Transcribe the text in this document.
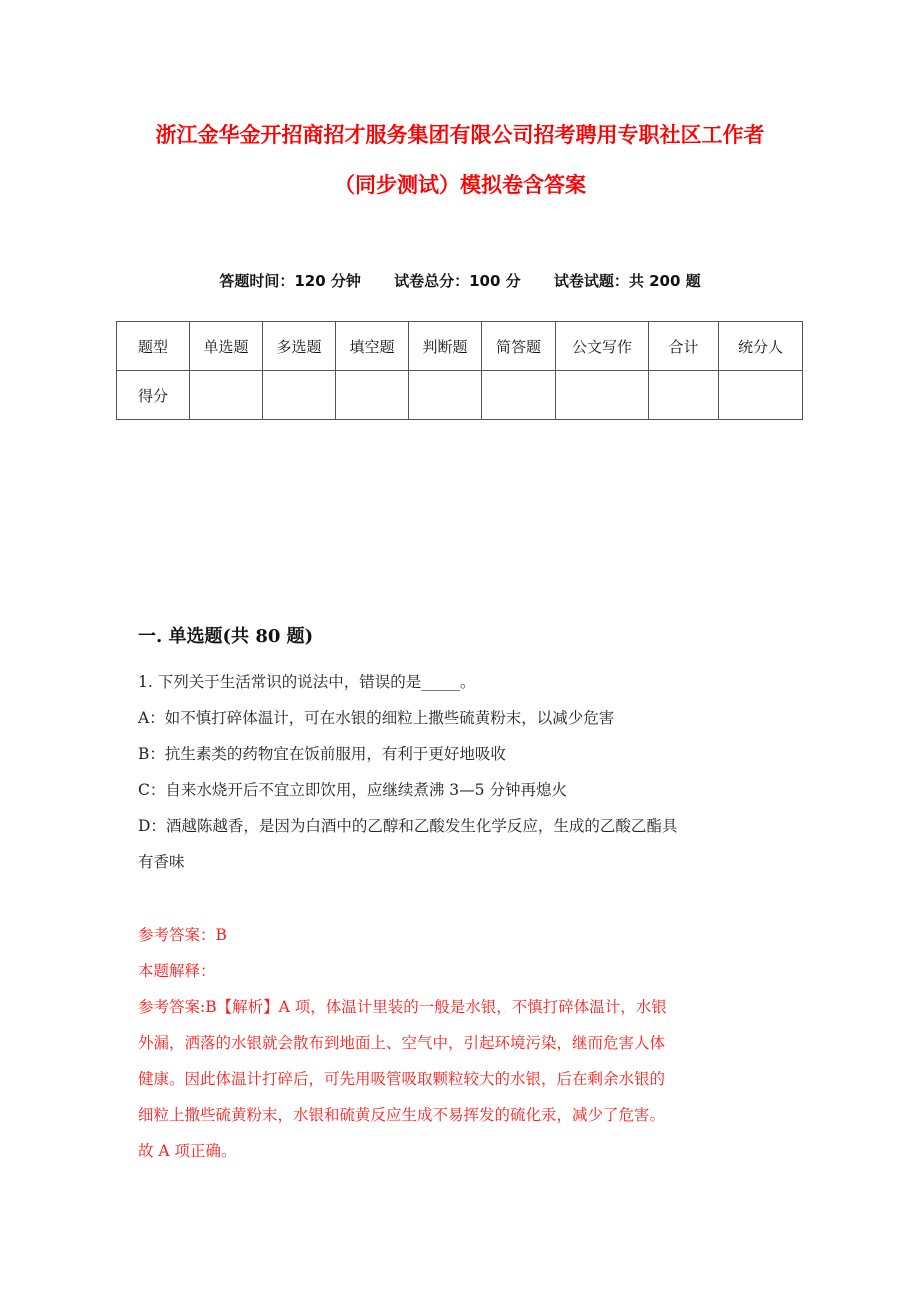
浙江金华金开招商招才服务集团有限公司招考聘用专职社区工作者
（同步测试）模拟卷含答案
答题时间：120 分钟 试卷总分：100 分 试卷试题：共 200 题
题型	单选题	多选题	填空题	判断题	简答题	公文写作	合计	统分人
得分								
一. 单选题(共 80 题)
1. 下列关于生活常识的说法中，错误的是_____。
A：如不慎打碎体温计，可在水银的细粒上撒些硫黄粉末，以减少危害
B：抗生素类的药物宜在饭前服用，有利于更好地吸收
C：自来水烧开后不宜立即饮用，应继续煮沸 3—5 分钟再熄火
D：酒越陈越香，是因为白酒中的乙醇和乙酸发生化学反应，生成的乙酸乙酯具
有香味
参考答案：B
本题解释：
参考答案:B【解析】A 项，体温计里装的一般是水银，不慎打碎体温计，水银
外漏，洒落的水银就会散布到地面上、空气中，引起环境污染，继而危害人体
健康。因此体温计打碎后，可先用吸管吸取颗粒较大的水银，后在剩余水银的
细粒上撒些硫黄粉末，水银和硫黄反应生成不易挥发的硫化汞，减少了危害。
故 A 项正确。
